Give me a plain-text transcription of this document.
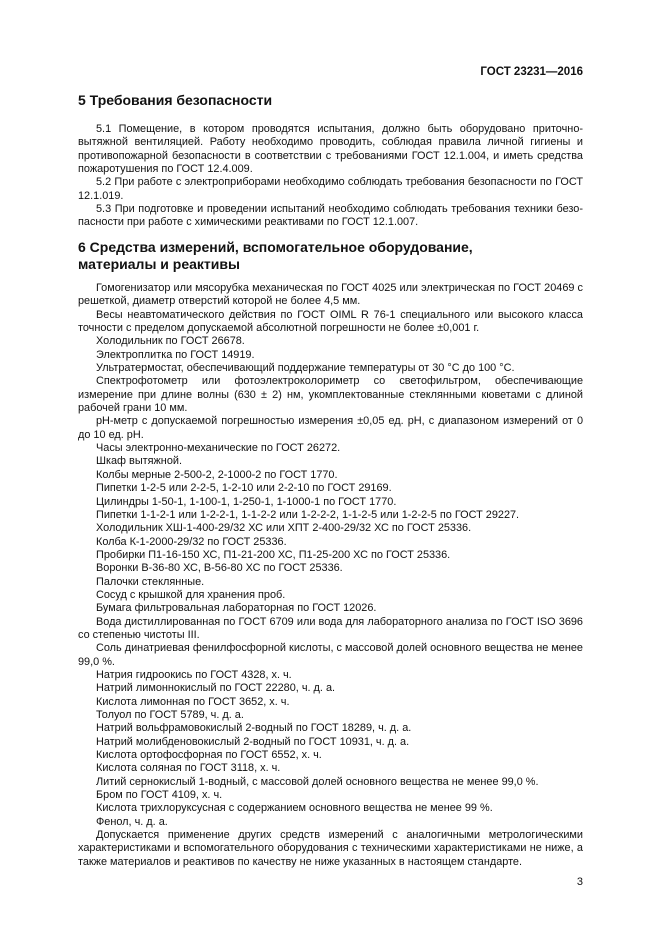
ГОСТ 23231—2016
5 Требования безопасности

5.1 Помещение, в котором проводятся испытания, должно быть оборудовано приточно-вытяжной вентиляцией. Работу необходимо проводить, соблюдая правила личной гигиены и противопожарной безопасности в соответствии с требованиями ГОСТ 12.1.004, и иметь средства пожаротушения по ГОСТ 12.4.009.

5.2 При работе с электроприборами необходимо соблюдать требования безопасности по ГОСТ 12.1.019.

5.3 При подготовке и проведении испытаний необходимо соблюдать требования техники безопасности при работе с химическими реактивами по ГОСТ 12.1.007.

6 Средства измерений, вспомогательное оборудование,
материалы и реактивы

Гомогенизатор или мясорубка механическая по ГОСТ 4025 или электрическая по ГОСТ 20469 с решеткой, диаметр отверстий которой не более 4,5 мм.

Весы неавтоматического действия по ГОСТ OIML R 76-1 специального или высокого класса точности с пределом допускаемой абсолютной погрешности не более ±0,001 г.

Холодильник по ГОСТ 26678.

Электроплитка по ГОСТ 14919.

Ультратермостат, обеспечивающий поддержание температуры от 30 °С до 100 °С.

Спектрофотометр или фотоэлектроколориметр со светофильтром, обеспечивающие измерение при длине волны (630 ± 2) нм, укомплектованные стеклянными кюветами с длиной рабочей грани 10 мм.

pH-метр с допускаемой погрешностью измерения ±0,05 ед. pH, с диапазоном измерений от 0 до 10 ед. pH.

Часы электронно-механические по ГОСТ 26272.

Шкаф вытяжной.

Колбы мерные 2-500-2, 2-1000-2 по ГОСТ 1770.

Пипетки 1-2-5 или 2-2-5, 1-2-10 или 2-2-10 по ГОСТ 29169.

Цилиндры 1-50-1, 1-100-1, 1-250-1, 1-1000-1 по ГОСТ 1770.

Пипетки 1-1-2-1 или 1-2-2-1, 1-1-2-2 или 1-2-2-2, 1-1-2-5 или 1-2-2-5 по ГОСТ 29227.

Холодильник ХШ-1-400-29/32 ХС или ХПТ 2-400-29/32 ХС по ГОСТ 25336.

Колба К-1-2000-29/32 по ГОСТ 25336.

Пробирки П1-16-150 ХС, П1-21-200 ХС, П1-25-200 ХС по ГОСТ 25336.

Воронки В-36-80 ХС, В-56-80 ХС по ГОСТ 25336.

Палочки стеклянные.

Сосуд с крышкой для хранения проб.

Бумага фильтровальная лабораторная по ГОСТ 12026.

Вода дистиллированная по ГОСТ 6709 или вода для лабораторного анализа по ГОСТ ISO 3696 со степенью чистоты III.

Соль динатриевая фенилфосфорной кислоты, с массовой долей основного вещества не менее 99,0 %.

Натрия гидроокись по ГОСТ 4328, х. ч.

Натрий лимоннокислый по ГОСТ 22280, ч. д. а.

Кислота лимонная по ГОСТ 3652, х. ч.

Толуол по ГОСТ 5789, ч. д. а.

Натрий вольфрамовокислый 2-водный по ГОСТ 18289, ч. д. а.

Натрий молибденовокислый 2-водный по ГОСТ 10931, ч. д. а.

Кислота ортофосфорная по ГОСТ 6552, х. ч.

Кислота соляная по ГОСТ 3118, х. ч.

Литий сернокислый 1-водный, с массовой долей основного вещества не менее 99,0 %.

Бром по ГОСТ 4109, х. ч.

Кислота трихлоруксусная с содержанием основного вещества не менее 99 %.

Фенол, ч. д. а.

Допускается применение других средств измерений с аналогичными метрологическими характеристиками и вспомогательного оборудования с техническими характеристиками не ниже, а также материалов и реактивов по качеству не ниже указанных в настоящем стандарте.

3
